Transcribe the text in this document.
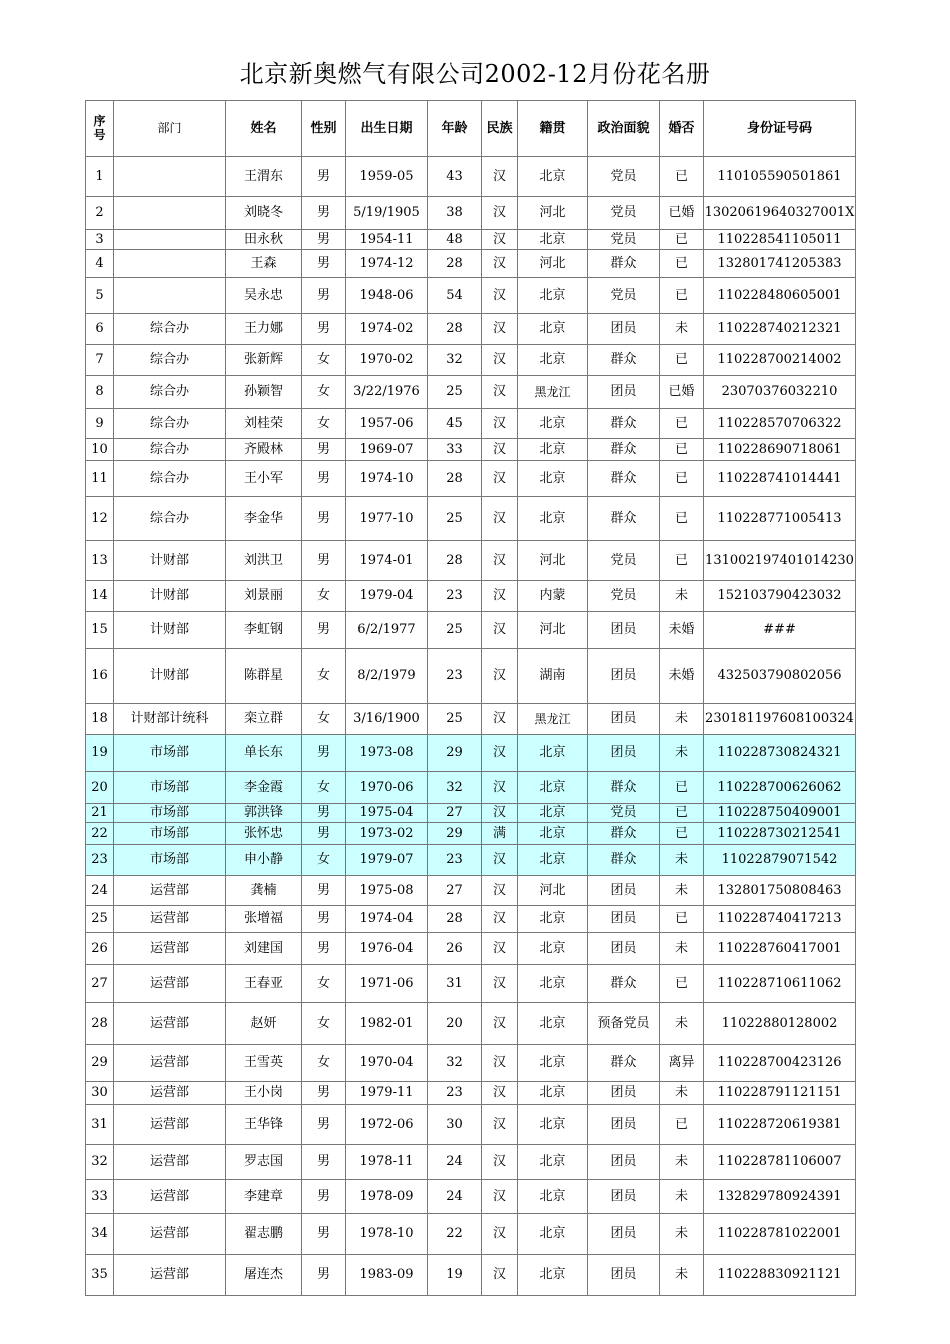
北京新奥燃气有限公司2002-12月份花名册
序号	部门	姓名	性别	出生日期	年龄	民族	籍贯	政治面貌	婚否	身份证号码
1		王渭东	男	1959-05	43	汉	北京	党员	已	110105590501861
2		刘晓冬	男	5/19/1905	38	汉	河北	党员	已婚	13020619640327001X
3		田永秋	男	1954-11	48	汉	北京	党员	已	110228541105011
4		王森	男	1974-12	28	汉	河北	群众	已	132801741205383
5		吴永忠	男	1948-06	54	汉	北京	党员	已	110228480605001
6	综合办	王力娜	男	1974-02	28	汉	北京	团员	未	110228740212321
7	综合办	张新辉	女	1970-02	32	汉	北京	群众	已	110228700214002
8	综合办	孙颖智	女	3/22/1976	25	汉	黑龙江	团员	已婚	23070376032210
9	综合办	刘桂荣	女	1957-06	45	汉	北京	群众	已	110228570706322
10	综合办	齐殿林	男	1969-07	33	汉	北京	群众	已	110228690718061
11	综合办	王小军	男	1974-10	28	汉	北京	群众	已	110228741014441
12	综合办	李金华	男	1977-10	25	汉	北京	群众	已	110228771005413
13	计财部	刘洪卫	男	1974-01	28	汉	河北	党员	已	131002197401014230
14	计财部	刘景丽	女	1979-04	23	汉	内蒙	党员	未	152103790423032
15	计财部	李虹钢	男	6/2/1977	25	汉	河北	团员	未婚	###
16	计财部	陈群星	女	8/2/1979	23	汉	湖南	团员	未婚	432503790802056
18	计财部计统科	栾立群	女	3/16/1900	25	汉	黑龙江	团员	未	230181197608100324
19	市场部	单长东	男	1973-08	29	汉	北京	团员	未	110228730824321
20	市场部	李金霞	女	1970-06	32	汉	北京	群众	已	110228700626062
21	市场部	郭洪锋	男	1975-04	27	汉	北京	党员	已	110228750409001
22	市场部	张怀忠	男	1973-02	29	满	北京	群众	已	110228730212541
23	市场部	申小静	女	1979-07	23	汉	北京	群众	未	11022879071542
24	运营部	龚楠	男	1975-08	27	汉	河北	团员	未	132801750808463
25	运营部	张增福	男	1974-04	28	汉	北京	团员	已	110228740417213
26	运营部	刘建国	男	1976-04	26	汉	北京	团员	未	110228760417001
27	运营部	王春亚	女	1971-06	31	汉	北京	群众	已	110228710611062
28	运营部	赵妍	女	1982-01	20	汉	北京	预备党员	未	11022880128002
29	运营部	王雪英	女	1970-04	32	汉	北京	群众	离异	110228700423126
30	运营部	王小岗	男	1979-11	23	汉	北京	团员	未	110228791121151
31	运营部	王华锋	男	1972-06	30	汉	北京	团员	已	110228720619381
32	运营部	罗志国	男	1978-11	24	汉	北京	团员	未	110228781106007
33	运营部	李建章	男	1978-09	24	汉	北京	团员	未	132829780924391
34	运营部	翟志鹏	男	1978-10	22	汉	北京	团员	未	110228781022001
35	运营部	屠连杰	男	1983-09	19	汉	北京	团员	未	110228830921121
